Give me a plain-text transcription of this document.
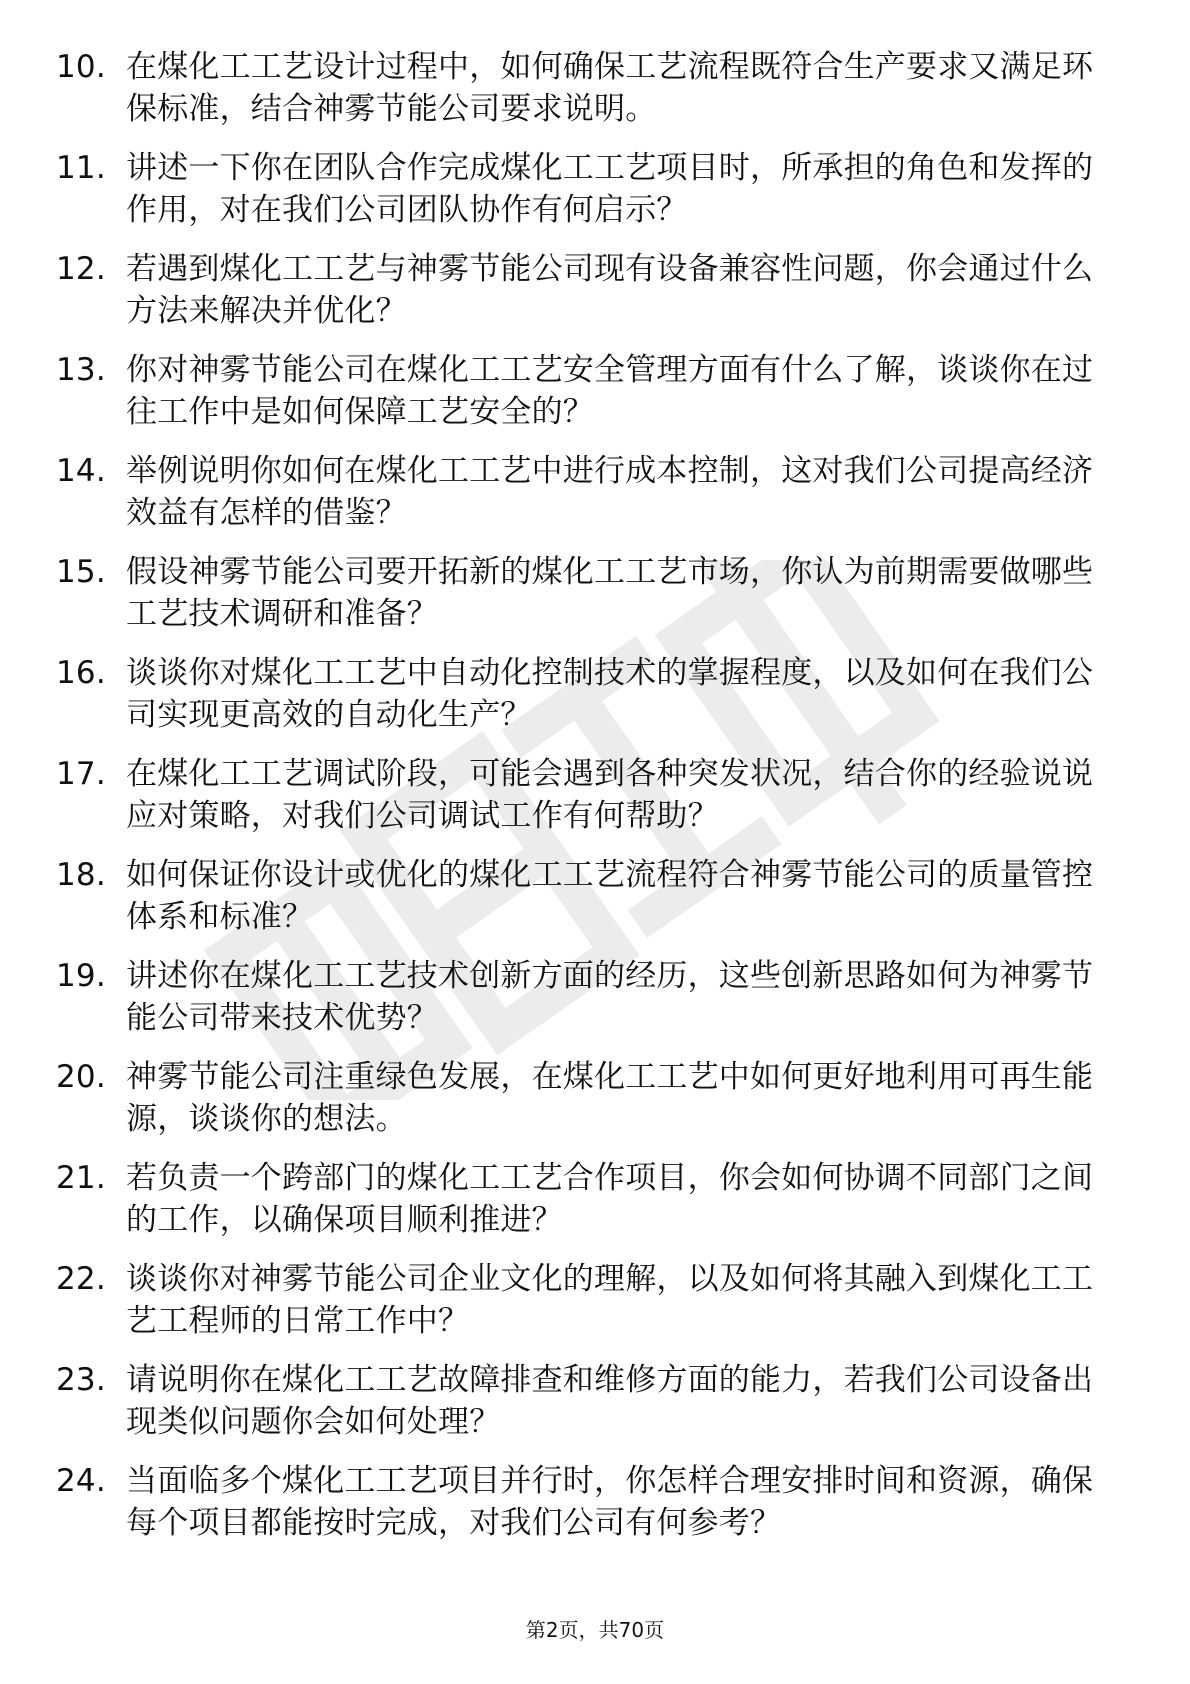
10. 在煤化工工艺设计过程中，如何确保工艺流程既符合生产要求又满足环保标准，结合神雾节能公司要求说明。
11. 讲述一下你在团队合作完成煤化工工艺项目时，所承担的角色和发挥的作用，对在我们公司团队协作有何启示？
12. 若遇到煤化工工艺与神雾节能公司现有设备兼容性问题，你会通过什么方法来解决并优化？
13. 你对神雾节能公司在煤化工工艺安全管理方面有什么了解，谈谈你在过往工作中是如何保障工艺安全的？
14. 举例说明你如何在煤化工工艺中进行成本控制，这对我们公司提高经济效益有怎样的借鉴？
15. 假设神雾节能公司要开拓新的煤化工工艺市场，你认为前期需要做哪些工艺技术调研和准备？
16. 谈谈你对煤化工工艺中自动化控制技术的掌握程度，以及如何在我们公司实现更高效的自动化生产？
17. 在煤化工工艺调试阶段，可能会遇到各种突发状况，结合你的经验说说应对策略，对我们公司调试工作有何帮助？
18. 如何保证你设计或优化的煤化工工艺流程符合神雾节能公司的质量管控体系和标准？
19. 讲述你在煤化工工艺技术创新方面的经历，这些创新思路如何为神雾节能公司带来技术优势？
20. 神雾节能公司注重绿色发展，在煤化工工艺中如何更好地利用可再生能源，谈谈你的想法。
21. 若负责一个跨部门的煤化工工艺合作项目，你会如何协调不同部门之间的工作，以确保项目顺利推进？
22. 谈谈你对神雾节能公司企业文化的理解，以及如何将其融入到煤化工工艺工程师的日常工作中？
23. 请说明你在煤化工工艺故障排查和维修方面的能力，若我们公司设备出现类似问题你会如何处理？
24. 当面临多个煤化工工艺项目并行时，你怎样合理安排时间和资源，确保每个项目都能按时完成，对我们公司有何参考？
第2页，共70页
